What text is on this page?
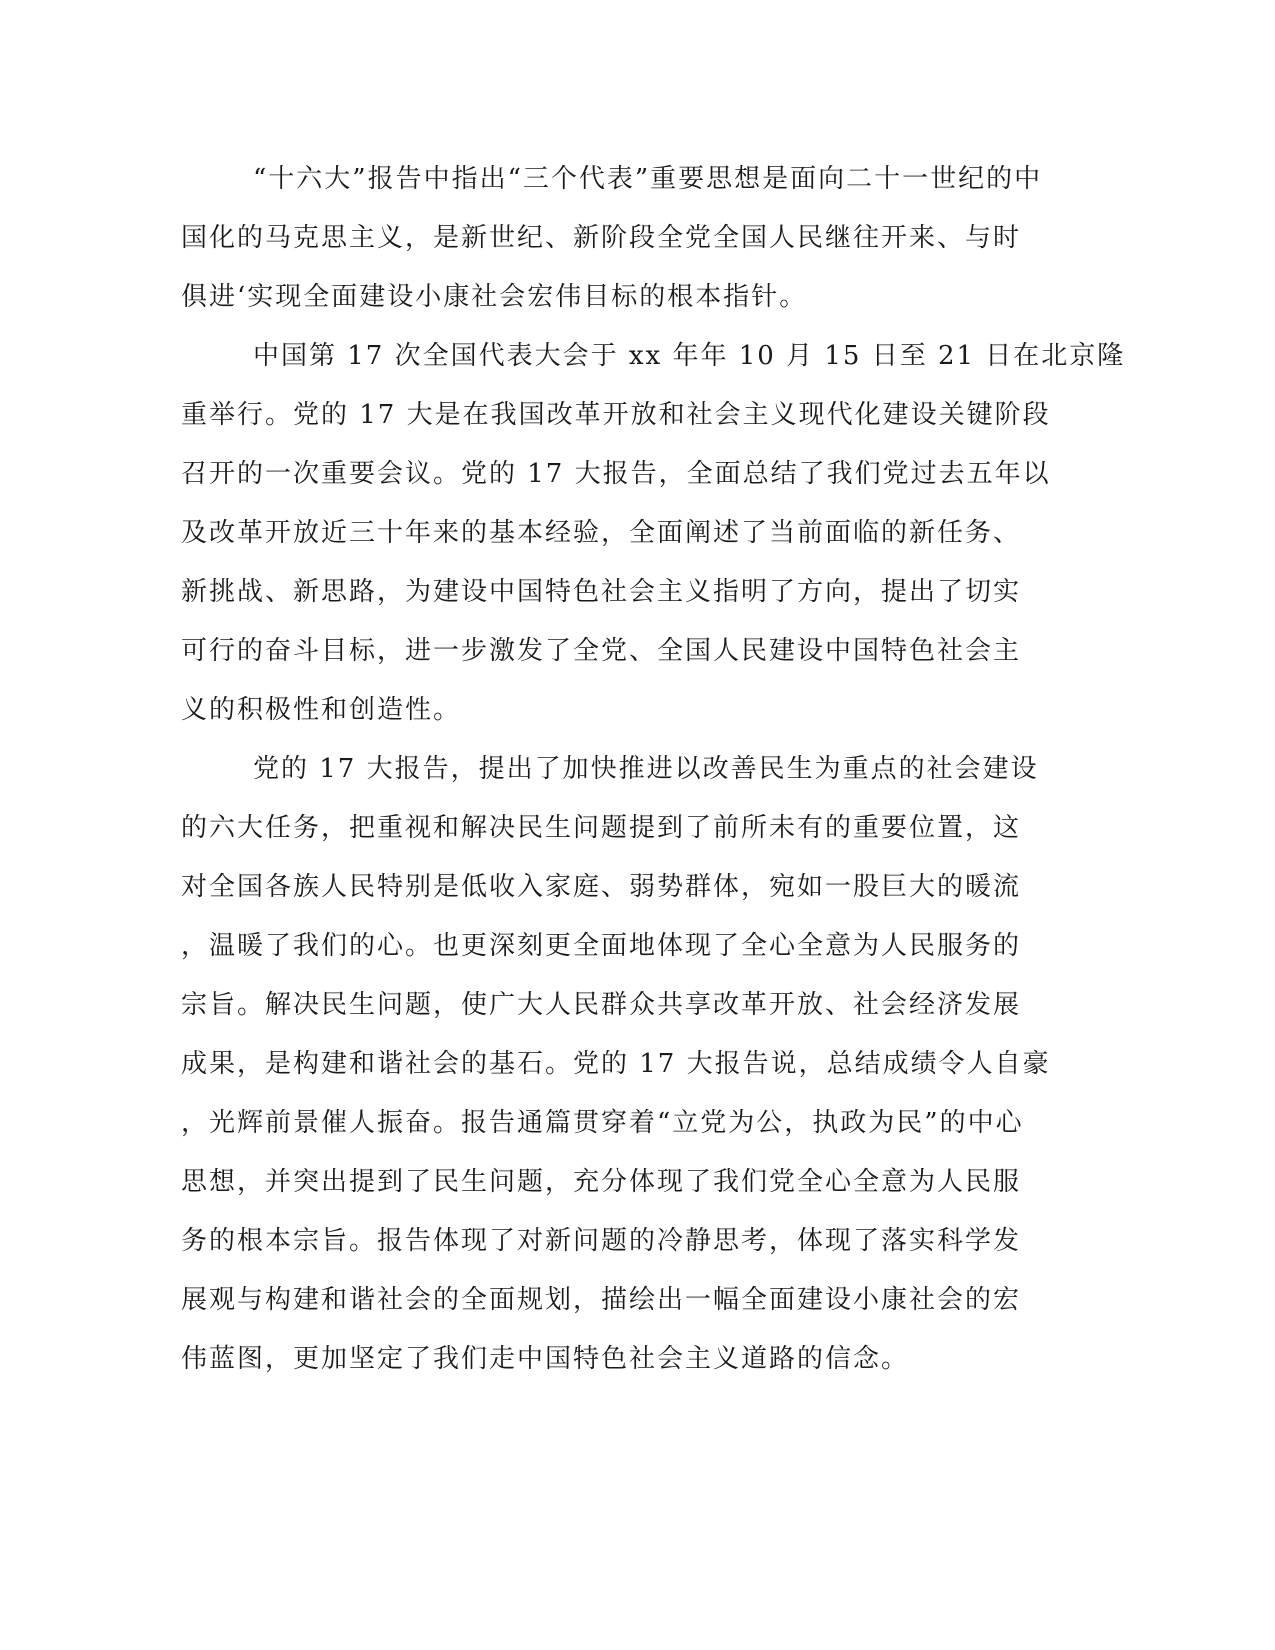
“十六大”报告中指出“三个代表”重要思想是面向二十一世纪的中
国化的马克思主义，是新世纪、新阶段全党全国人民继往开来、与时
俱进‘实现全面建设小康社会宏伟目标的根本指针。
中国第 17 次全国代表大会于 xx 年年 10 月 15 日至 21 日在北京隆
重举行。党的 17 大是在我国改革开放和社会主义现代化建设关键阶段
召开的一次重要会议。党的 17 大报告，全面总结了我们党过去五年以
及改革开放近三十年来的基本经验，全面阐述了当前面临的新任务、
新挑战、新思路，为建设中国特色社会主义指明了方向，提出了切实
可行的奋斗目标，进一步激发了全党、全国人民建设中国特色社会主
义的积极性和创造性。
党的 17 大报告，提出了加快推进以改善民生为重点的社会建设
的六大任务，把重视和解决民生问题提到了前所未有的重要位置，这
对全国各族人民特别是低收入家庭、弱势群体，宛如一股巨大的暖流
，温暖了我们的心。也更深刻更全面地体现了全心全意为人民服务的
宗旨。解决民生问题，使广大人民群众共享改革开放、社会经济发展
成果，是构建和谐社会的基石。党的 17 大报告说，总结成绩令人自豪
，光辉前景催人振奋。报告通篇贯穿着“立党为公，执政为民”的中心
思想，并突出提到了民生问题，充分体现了我们党全心全意为人民服
务的根本宗旨。报告体现了对新问题的冷静思考，体现了落实科学发
展观与构建和谐社会的全面规划，描绘出一幅全面建设小康社会的宏
伟蓝图，更加坚定了我们走中国特色社会主义道路的信念。
